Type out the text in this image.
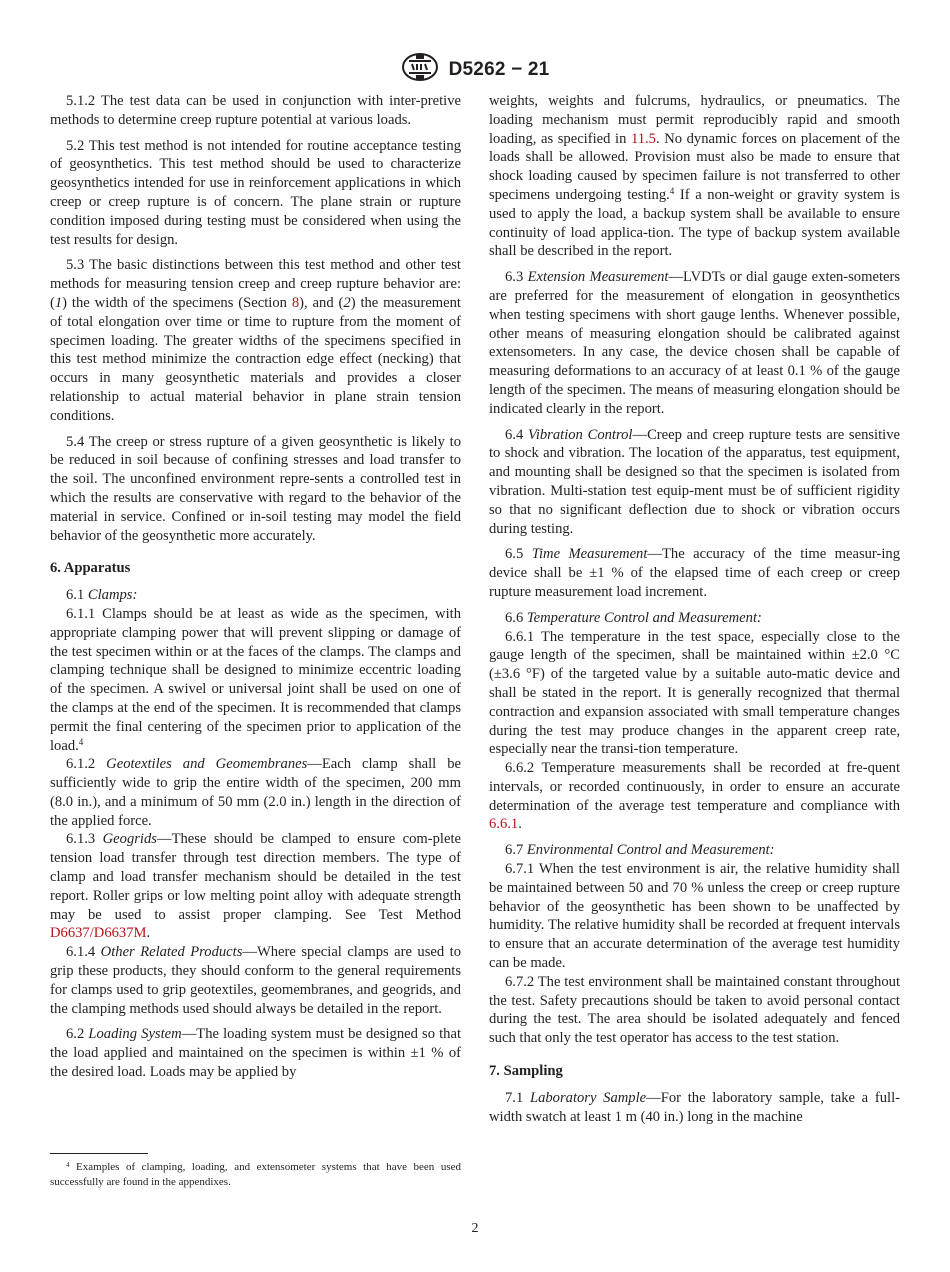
D5262 − 21

5.1.2 The test data can be used in conjunction with inter-pretive methods to determine creep rupture potential at various loads.

5.2 This test method is not intended for routine acceptance testing of geosynthetics. This test method should be used to characterize geosynthetics intended for use in reinforcement applications in which creep or creep rupture is of concern. The plane strain or rupture condition imposed during testing must be considered when using the test results for design.

5.3 The basic distinctions between this test method and other test methods for measuring tension creep and creep rupture behavior are: (1) the width of the specimens (Section 8), and (2) the measurement of total elongation over time or time to rupture from the moment of specimen loading. The greater widths of the specimens specified in this test method minimize the contraction edge effect (necking) that occurs in many geosynthetic materials and provides a closer relationship to actual material behavior in plane strain tension conditions.

5.4 The creep or stress rupture of a given geosynthetic is likely to be reduced in soil because of confining stresses and load transfer to the soil. The unconfined environment repre-sents a controlled test in which the results are conservative with regard to the behavior of the material in service. Confined or in-soil testing may model the field behavior of the geosynthetic more accurately.

6. Apparatus

6.1 Clamps:

6.1.1 Clamps should be at least as wide as the specimen, with appropriate clamping power that will prevent slipping or damage of the test specimen within or at the faces of the clamps. The clamps and clamping technique shall be designed to minimize eccentric loading of the specimen. A swivel or universal joint shall be used on one of the clamps at the end of the specimen. It is recommended that clamps permit the final centering of the specimen prior to application of the load.$^4$

6.1.2 Geotextiles and Geomembranes—Each clamp shall be sufficiently wide to grip the entire width of the specimen, 200 mm (8.0 in.), and a minimum of 50 mm (2.0 in.) length in the direction of the applied force.

6.1.3 Geogrids—These should be clamped to ensure com-plete tension load transfer through test direction members. The type of clamp and load transfer mechanism should be detailed in the test report. Roller grips or low melting point alloy with adequate strength may be used to assist proper clamping. See Test Method D6637/D6637M.

6.1.4 Other Related Products—Where special clamps are used to grip these products, they should conform to the general requirements for clamps used to grip geotextiles, geomembranes, and geogrids, and the clamping methods used should always be detailed in the report.

6.2 Loading System—The loading system must be designed so that the load applied and maintained on the specimen is within ±1 % of the desired load. Loads may be applied by

$^4$ Examples of clamping, loading, and extensometer systems that have been used successfully are found in the appendixes.

weights, weights and fulcrums, hydraulics, or pneumatics. The loading mechanism must permit reproducibly rapid and smooth loading, as specified in 11.5. No dynamic forces on placement of the loads shall be allowed. Provision must also be made to ensure that shock loading caused by specimen failure is not transferred to other specimens undergoing testing.$^4$ If a non-weight or gravity system is used to apply the load, a backup system shall be available to ensure continuity of load applica-tion. The type of backup system available shall be described in the report.

6.3 Extension Measurement—LVDTs or dial gauge exten-someters are preferred for the measurement of elongation in geosynthetics when testing specimens with short gauge lenths. Whenever possible, other means of measuring elongation should be calibrated against extensometers. In any case, the device chosen shall be capable of measuring deformations to an accuracy of at least 0.1 % of the gauge length of the specimen. The means of measuring elongation should be indicated clearly in the report.

6.4 Vibration Control—Creep and creep rupture tests are sensitive to shock and vibration. The location of the apparatus, test equipment, and mounting shall be designed so that the specimen is isolated from vibration. Multi-station test equip-ment must be of sufficient rigidity so that no significant deflection due to shock or vibration occurs during testing.

6.5 Time Measurement—The accuracy of the time measur-ing device shall be ±1 % of the elapsed time of each creep or creep rupture measurement load increment.

6.6 Temperature Control and Measurement:

6.6.1 The temperature in the test space, especially close to the gauge length of the specimen, shall be maintained within ±2.0 °C (±3.6 °F) of the targeted value by a suitable auto-matic device and shall be stated in the report. It is generally recognized that thermal contraction and expansion associated with small temperature changes during the test may produce changes in the apparent creep rate, especially near the transi-tion temperature.

6.6.2 Temperature measurements shall be recorded at fre-quent intervals, or recorded continuously, in order to ensure an accurate determination of the average test temperature and compliance with 6.6.1.

6.7 Environmental Control and Measurement:

6.7.1 When the test environment is air, the relative humidity shall be maintained between 50 and 70 % unless the creep or creep rupture behavior of the geosynthetic has been shown to be unaffected by humidity. The relative humidity shall be recorded at frequent intervals to ensure that an accurate determination of the average test humidity can be made.

6.7.2 The test environment shall be maintained constant throughout the test. Safety precautions should be taken to avoid personal contact during the test. The area should be isolated adequately and fenced such that only the test operator has access to the test station.

7. Sampling

7.1 Laboratory Sample—For the laboratory sample, take a full-width swatch at least 1 m (40 in.) long in the machine

2
